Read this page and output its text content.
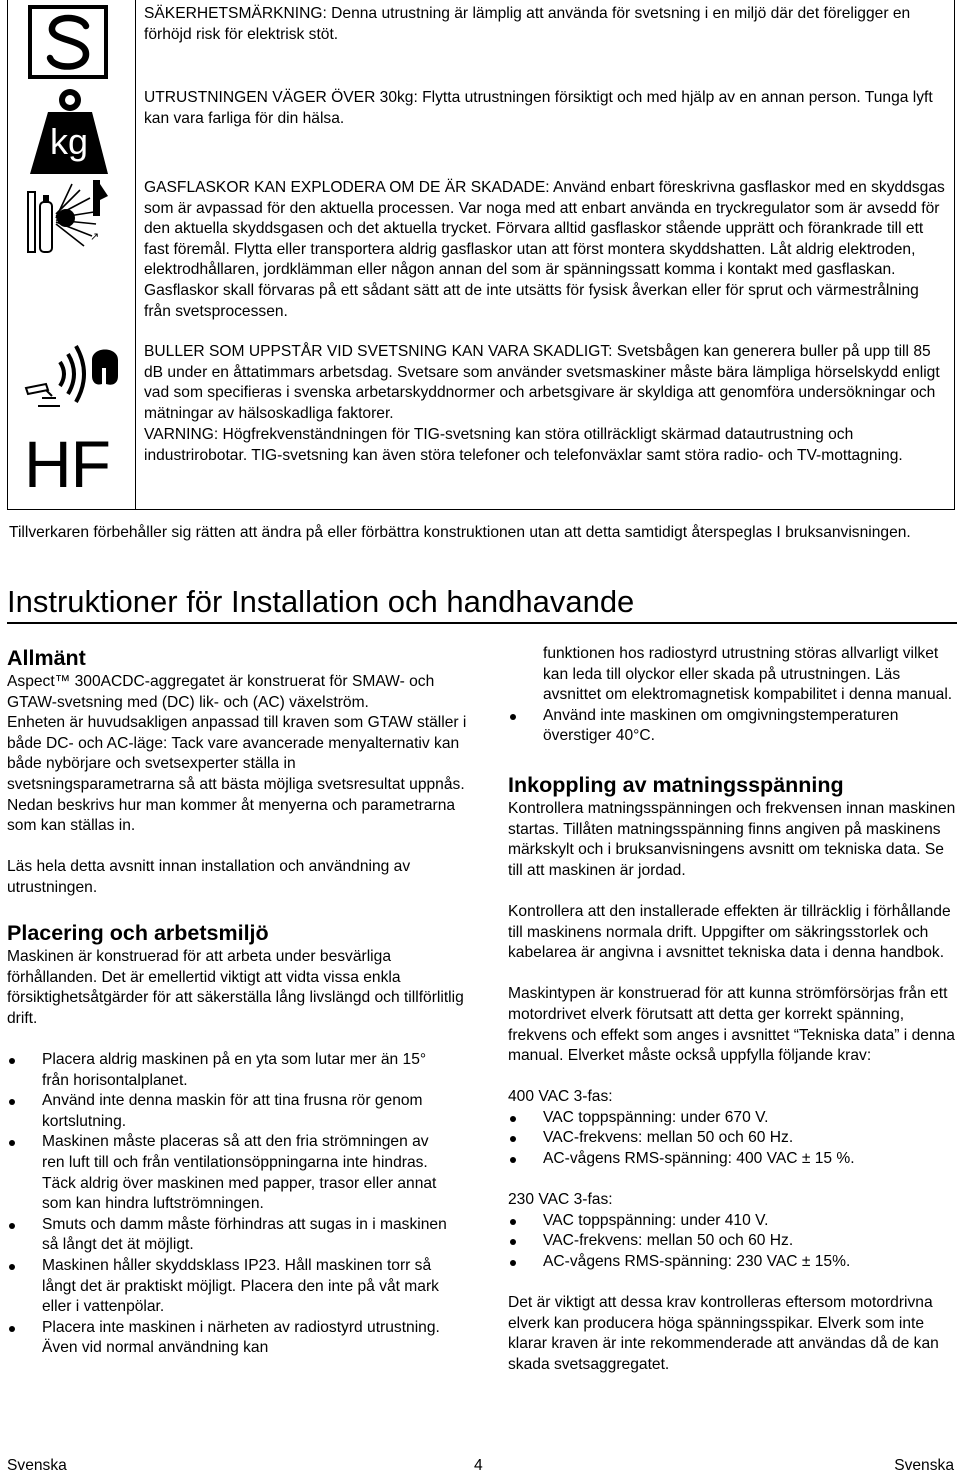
kg
↗
HF

SÄKERHETSMÄRKNING: Denna utrustning är lämplig att använda för svetsning i en miljö där det föreligger en förhöjd risk för elektrisk stöt.

UTRUSTNINGEN VÄGER ÖVER 30kg: Flytta utrustningen försiktigt och med hjälp av en annan person. Tunga lyft kan vara farliga för din hälsa.

GASFLASKOR KAN EXPLODERA OM DE ÄR SKADADE: Använd enbart föreskrivna gasflaskor med en skyddsgas som är avpassad för den aktuella processen. Var noga med att enbart använda en tryckregulator som är avsedd för den aktuella skyddsgasen och det aktuella trycket. Förvara alltid gasflaskor stående upprätt och förankrade till ett fast föremål. Flytta eller transportera aldrig gasflaskor utan att först montera skyddshatten. Låt aldrig elektroden, elektrodhållaren, jordklämman eller någon annan del som är spänningssatt komma i kontakt med gasflaskan. Gasflaskor skall förvaras på ett sådant sätt att de inte utsätts för fysisk åverkan eller för sprut och värmestrålning från svetsprocessen.

BULLER SOM UPPSTÅR VID SVETSNING KAN VARA SKADLIGT: Svetsbågen kan generera buller på upp till 85 dB under en åttatimmars arbetsdag. Svetsare som använder svetsmaskiner måste bära lämpliga hörselskydd enligt vad som specifieras i svenska arbetarskyddnormer och arbetsgivare är skyldiga att genomföra undersökningar och mätningar av hälsoskadliga faktorer.

VARNING: Högfrekvenständningen för TIG-svetsning kan störa otillräckligt skärmad datautrustning och industrirobotar. TIG-svetsning kan även störa telefoner och telefonväxlar samt störa radio- och TV-mottagning.

Tillverkaren förbehåller sig rätten att ändra på eller förbättra konstruktionen utan att detta samtidigt återspeglas I bruksanvisningen.

Instruktioner för Installation och handhavande
Allmänt

Aspect™ 300ACDC-aggregatet är konstruerat för SMAW- och GTAW-svetsning med (DC) lik- och (AC) växelström.

Enheten är huvudsakligen anpassad till kraven som GTAW ställer i både DC- och AC-läge: Tack vare avancerade menyalternativ kan både nybörjare och svetsexperter ställa in svetsningsparametrarna så att bästa möjliga svetsresultat uppnås.

Nedan beskrivs hur man kommer åt menyerna och parametrarna som kan ställas in.

Läs hela detta avsnitt innan installation och användning av utrustningen.

Placering och arbetsmiljö

Maskinen är konstruerad för att arbeta under besvärliga förhållanden. Det är emellertid viktigt att vidta vissa enkla försiktighetsåtgärder för att säkerställa lång livslängd och tillförlitlig drift.

Placera aldrig maskinen på en yta som lutar mer än 15° från horisontalplanet.
Använd inte denna maskin för att tina frusna rör genom kortslutning.
Maskinen måste placeras så att den fria strömningen av ren luft till och från ventilationsöppningarna inte hindras. Täck aldrig över maskinen med papper, trasor eller annat som kan hindra luftströmningen.
Smuts och damm måste förhindras att sugas in i maskinen så långt det ät möjligt.
Maskinen håller skyddsklass IP23. Håll maskinen torr så långt det är praktiskt möjligt. Placera den inte på våt mark eller i vattenpölar.
Placera inte maskinen i närheten av radiostyrd utrustning. Även vid normal användning kan

funktionen hos radiostyrd utrustning störas allvarligt vilket kan leda till olyckor eller skada på utrustningen. Läs avsnittet om elektromagnetisk kompabilitet i denna manual.

Använd inte maskinen om omgivningstemperaturen överstiger 40°C.
Inkoppling av matningsspänning

Kontrollera matningsspänningen och frekvensen innan maskinen startas. Tillåten matningsspänning finns angiven på maskinens märkskylt och i bruksanvisningens avsnitt om tekniska data. Se till att maskinen är jordad.

Kontrollera att den installerade effekten är tillräcklig i förhållande till maskinens normala drift. Uppgifter om säkringsstorlek och kabelarea är angivna i avsnittet tekniska data i denna handbok.

Maskintypen är konstruerad för att kunna strömförsörjas från ett motordrivet elverk förutsatt att detta ger korrekt spänning, frekvens och effekt som anges i avsnittet “Tekniska data” i denna manual. Elverket måste också uppfylla följande krav:

400 VAC 3-fas:

VAC toppspänning: under 670 V.
VAC-frekvens: mellan 50 och 60 Hz.
AC-vågens RMS-spänning: 400 VAC ± 15 %.

230 VAC 3-fas:

VAC toppspänning: under 410 V.
VAC-frekvens: mellan 50 och 60 Hz.
AC-vågens RMS-spänning: 230 VAC ± 15%.

Det är viktigt att dessa krav kontrolleras eftersom motordrivna elverk kan producera höga spänningsspikar. Elverk som inte klarar kraven är inte rekommenderade att användas då de kan skada svetsaggregatet.

Svenska	4	Svenska
